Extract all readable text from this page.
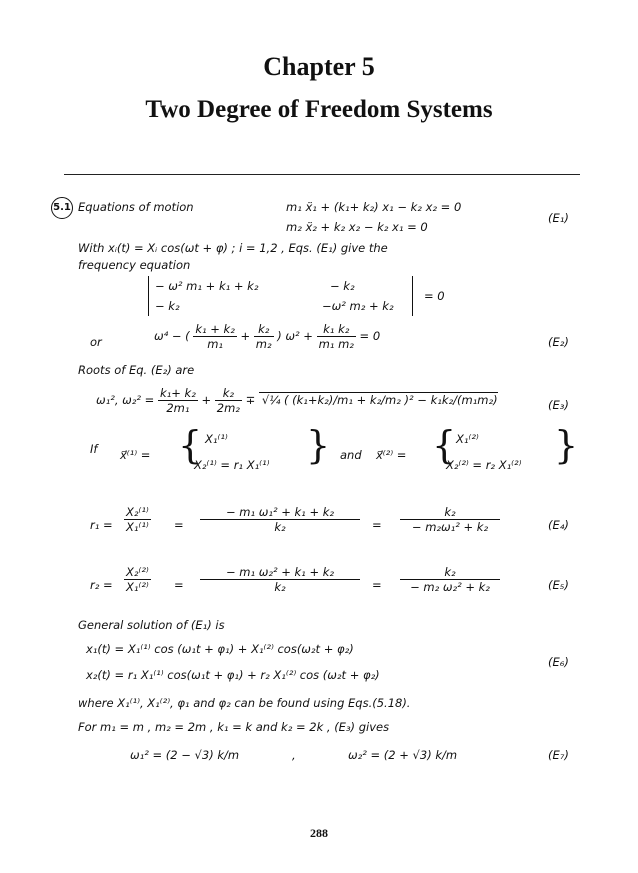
Chapter 5
Two Degree of Freedom Systems
5.1 Equations of motion	m₁ ẍ₁ + (k₁+ k₂) x₁ − k₂ x₂ = 0
m₂ ẍ₂ + k₂ x₂ − k₂ x₁ = 0
(E₁)
With xᵢ(t) = Xᵢ cos(ωt + φ) ; i = 1,2 , Eqs. (E₁) give the
frequency equation
− ω² m₁ + k₁ + k₂	− k₂
− k₂	−ω² m₂ + k₂
= 0
or	ω⁴ − ( $\frac{\text{k₁ + k₂}}{\text{m₁}} + \frac{\text{k₂}}{\text{m₂}}$ ) $\omega^2 + \frac{\text{k₁ k₂}}{\text{m₁ m₂}} = 0$	(E₂)
Roots of Eq. (E₂) are
ω₁², $\omega_2^2 = \frac{\text{k₁+ k₂}}{\text{2m₁}} + \frac{\text{k₂}}{\text{2m₂}}$ ∓ √¼ ( (k₁+k₂)/m₁ + k₂/m₂ )² − k₁k₂/(m₁m₂)	(E₃)
If x⃗⁽¹⁾ = { X₁⁽¹⁾
X₂⁽¹⁾ = r₁ X₁⁽¹⁾ } and x⃗⁽²⁾ = { X₁⁽²⁾
X₂⁽²⁾ = r₂ X₁⁽²⁾ }
$r_1 = \frac{\text{X₂⁽¹⁾}}{\text{X₁⁽¹⁾}} = \frac{\text{− m₁ ω₁² + k₁ + k₂}}{\text{k₂}} = \frac{\text{k₂}}{\text{− m₂ω₁² + k₂}}$	(E₄)
$r_2 = \frac{\text{X₂⁽²⁾}}{\text{X₁⁽²⁾}} = \frac{\text{− m₁ ω₂² + k₁ + k₂}}{\text{k₂}} = \frac{\text{k₂}}{\text{− m₂ ω₂² + k₂}}$	(E₅)
General solution of (E₁) is
x₁(t) = X₁⁽¹⁾ cos (ω₁t + φ₁) + X₁⁽²⁾ cos(ω₂t + φ₂)
x₂(t) = r₁ X₁⁽¹⁾ cos(ω₁t + φ₁) + r₂ X₁⁽²⁾ cos (ω₂t + φ₂)
(E₆)
where X₁⁽¹⁾, X₁⁽²⁾, φ₁ and φ₂ can be found using Eqs.(5.18).
For m₁ = m , m₂ = 2m , k₁ = k and k₂ = 2k , (E₃) gives
ω₁² = (2 − √3) k/m	,	ω₂² = (2 + √3) k/m	(E₇)
288
